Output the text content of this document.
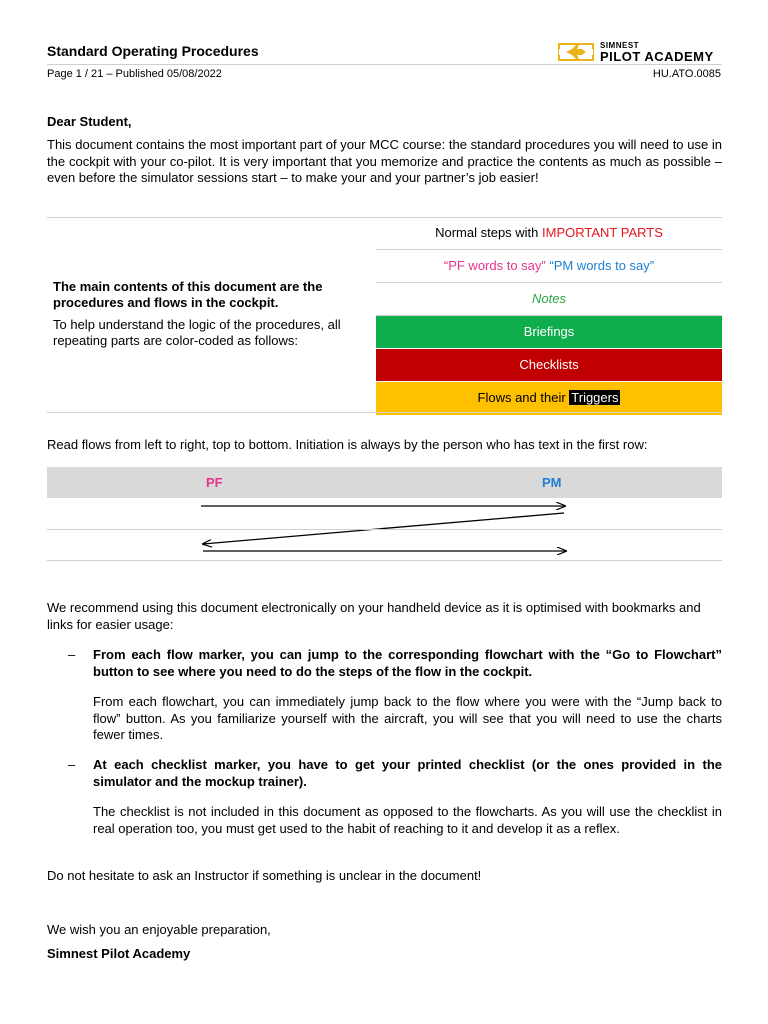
Standard Operating Procedures
Page 1 / 21 – Published 05/08/2022	HU.ATO.0085
SIMNEST
PILOT ACADEMY
Dear Student,
This document contains the most important part of your MCC course: the standard procedures you will need to use in the cockpit with your co-pilot. It is very important that you memorize and practice the contents as much as possible – even before the simulator sessions start – to make your and your partner’s job easier!
The main contents of this document are the procedures and flows in the cockpit.
To help understand the logic of the procedures, all repeating parts are color-coded as follows:
Normal steps with IMPORTANT PARTS
“PF words to say” “PM words to say”
Notes
Briefings
Checklists
Flows and their Triggers
Read flows from left to right, top to bottom. Initiation is always by the person who has text in the first row:
PF	PM
We recommend using this document electronically on your handheld device as it is optimised with bookmarks and links for easier usage:
– From each flow marker, you can jump to the corresponding flowchart with the “Go to Flowchart” button to see where you need to do the steps of the flow in the cockpit.
From each flowchart, you can immediately jump back to the flow where you were with the “Jump back to flow” button. As you familiarize yourself with the aircraft, you will see that you will need to use the charts fewer times.
– At each checklist marker, you have to get your printed checklist (or the ones provided in the simulator and the mockup trainer).
The checklist is not included in this document as opposed to the flowcharts. As you will use the checklist in real operation too, you must get used to the habit of reaching to it and develop it as a reflex.
Do not hesitate to ask an Instructor if something is unclear in the document!
We wish you an enjoyable preparation,
Simnest Pilot Academy
